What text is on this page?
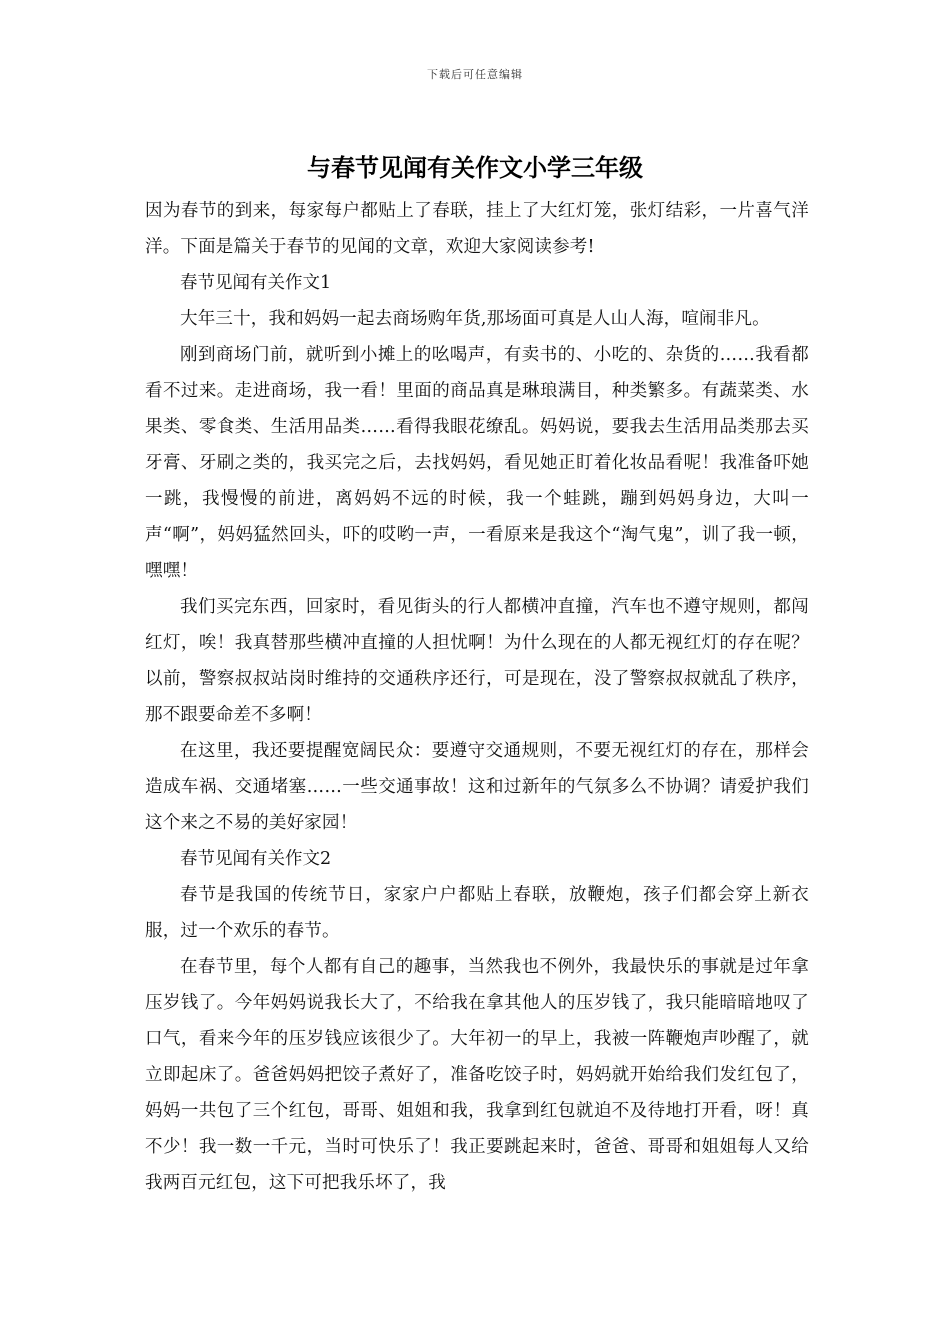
下载后可任意编辑
与春节见闻有关作文小学三年级

因为春节的到来，每家每户都贴上了春联，挂上了大红灯笼，张灯结彩，一片喜气洋洋。下面是篇关于春节的见闻的文章，欢迎大家阅读参考!

春节见闻有关作文1

大年三十，我和妈妈一起去商场购年货,那场面可真是人山人海，喧闹非凡。

刚到商场门前，就听到小摊上的吆喝声，有卖书的、小吃的、杂货的……我看都看不过来。走进商场，我一看！里面的商品真是琳琅满目，种类繁多。有蔬菜类、水果类、零食类、生活用品类……看得我眼花缭乱。妈妈说，要我去生活用品类那去买牙膏、牙刷之类的，我买完之后，去找妈妈，看见她正盯着化妆品看呢！我准备吓她一跳，我慢慢的前进，离妈妈不远的时候，我一个蛙跳，蹦到妈妈身边，大叫一声“啊”，妈妈猛然回头，吓的哎哟一声，一看原来是我这个“淘气鬼”，训了我一顿，嘿嘿！

我们买完东西，回家时，看见街头的行人都横冲直撞，汽车也不遵守规则，都闯红灯，唉！我真替那些横冲直撞的人担忧啊！为什么现在的人都无视红灯的存在呢？以前，警察叔叔站岗时维持的交通秩序还行，可是现在，没了警察叔叔就乱了秩序，那不跟要命差不多啊！

在这里，我还要提醒宽阔民众：要遵守交通规则，不要无视红灯的存在，那样会造成车祸、交通堵塞……一些交通事故！这和过新年的气氛多么不协调？请爱护我们这个来之不易的美好家园！

春节见闻有关作文2

春节是我国的传统节日，家家户户都贴上春联，放鞭炮，孩子们都会穿上新衣服，过一个欢乐的春节。

在春节里，每个人都有自己的趣事，当然我也不例外，我最快乐的事就是过年拿压岁钱了。今年妈妈说我长大了，不给我在拿其他人的压岁钱了，我只能暗暗地叹了口气，看来今年的压岁钱应该很少了。大年初一的早上，我被一阵鞭炮声吵醒了，就立即起床了。爸爸妈妈把饺子煮好了，准备吃饺子时，妈妈就开始给我们发红包了，妈妈一共包了三个红包，哥哥、姐姐和我，我拿到红包就迫不及待地打开看，呀！真不少！我一数一千元，当时可快乐了！我正要跳起来时，爸爸、哥哥和姐姐每人又给我两百元红包，这下可把我乐坏了，我
